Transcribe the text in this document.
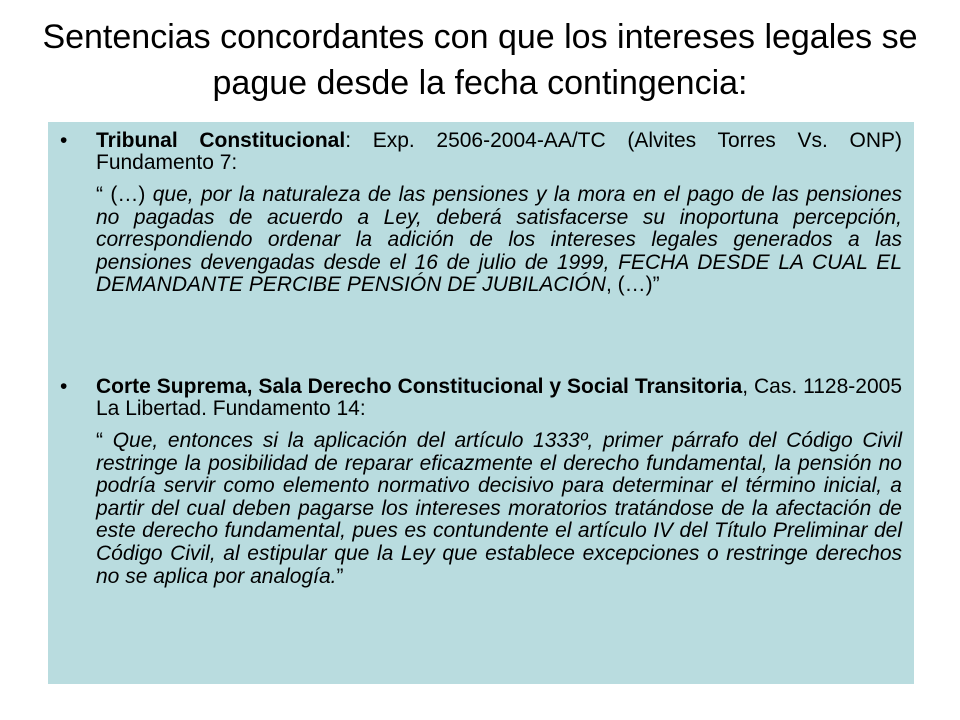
Sentencias concordantes con que los intereses legales se pague desde la fecha contingencia:
• Tribunal Constitucional: Exp. 2506-2004-AA/TC (Alvites Torres Vs. ONP) Fundamento 7:
“ (…) que, por la naturaleza de las pensiones y la mora en el pago de las pensiones no pagadas de acuerdo a Ley, deberá satisfacerse su inoportuna percepción, correspondiendo ordenar la adición de los intereses legales generados a las pensiones devengadas desde el 16 de julio de 1999, FECHA DESDE LA CUAL EL DEMANDANTE PERCIBE PENSIÓN DE JUBILACIÓN, (…)”
• Corte Suprema, Sala Derecho Constitucional y Social Transitoria, Cas. 1128-2005 La Libertad. Fundamento 14:
“ Que, entonces si la aplicación del artículo 1333º, primer párrafo del Código Civil restringe la posibilidad de reparar eficazmente el derecho fundamental, la pensión no podría servir como elemento normativo decisivo para determinar el término inicial, a partir del cual deben pagarse los intereses moratorios tratándose de la afectación de este derecho fundamental, pues es contundente el artículo IV del Título Preliminar del Código Civil, al estipular que la Ley que establece excepciones o restringe derechos no se aplica por analogía.”
